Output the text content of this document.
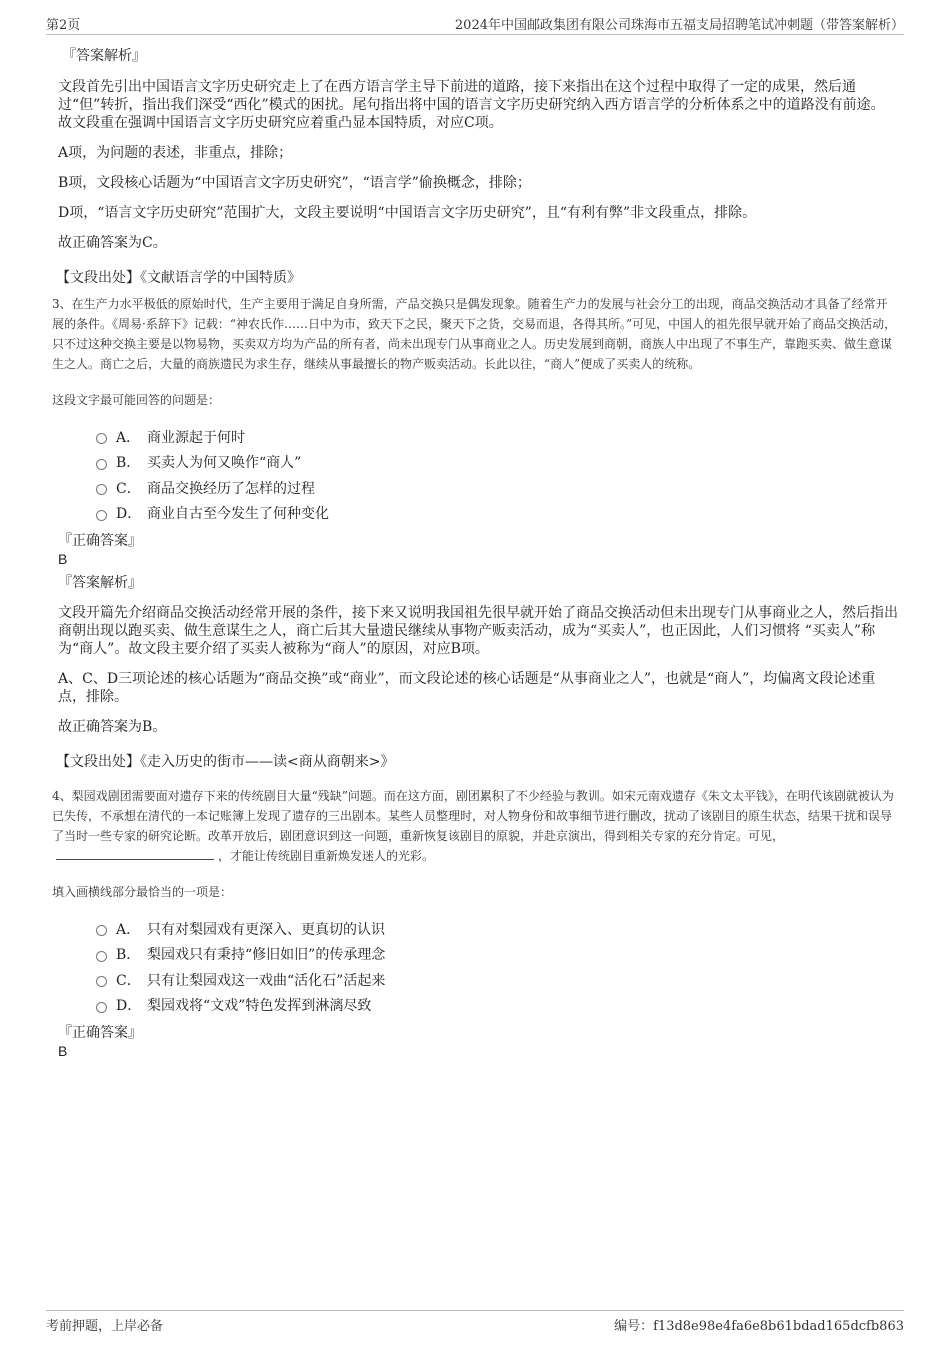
第2页	2024年中国邮政集团有限公司珠海市五福支局招聘笔试冲刺题（带答案解析）
『答案解析』

文段首先引出中国语言文字历史研究走上了在西方语言学主导下前进的道路，接下来指出在这个过程中取得了一定的成果，然后通过“但”转折，指出我们深受“西化”模式的困扰。尾句指出将中国的语言文字历史研究纳入西方语言学的分析体系之中的道路没有前途。故文段重在强调中国语言文字历史研究应着重凸显本国特质，对应C项。

A项，为问题的表述，非重点，排除；

B项，文段核心话题为“中国语言文字历史研究”，“语言学”偷换概念，排除；

D项，“语言文字历史研究”范围扩大，文段主要说明“中国语言文字历史研究”，且“有利有弊”非文段重点，排除。

故正确答案为C。

【文段出处】《文献语言学的中国特质》

3、在生产力水平极低的原始时代，生产主要用于满足自身所需，产品交换只是偶发现象。随着生产力的发展与社会分工的出现，商品交换活动才具备了经常开展的条件。《周易·系辞下》记载：“神农氏作……日中为市，致天下之民，聚天下之货，交易而退，各得其所。”可见，中国人的祖先很早就开始了商品交换活动，只不过这种交换主要是以物易物，买卖双方均为产品的所有者，尚未出现专门从事商业之人。历史发展到商朝，商族人中出现了不事生产，靠跑买卖、做生意谋生之人。商亡之后，大量的商族遗民为求生存，继续从事最擅长的物产贩卖活动。长此以往，“商人”便成了买卖人的统称。

这段文字最可能回答的问题是：

A． 商业源起于何时
B． 买卖人为何又唤作“商人”
C． 商品交换经历了怎样的过程
D． 商业自古至今发生了何种变化
『正确答案』
B
『答案解析』

文段开篇先介绍商品交换活动经常开展的条件，接下来又说明我国祖先很早就开始了商品交换活动但未出现专门从事商业之人，然后指出商朝出现以跑买卖、做生意谋生之人，商亡后其大量遗民继续从事物产贩卖活动，成为“买卖人”，也正因此，人们习惯将 “买卖人”称为“商人”。故文段主要介绍了买卖人被称为“商人”的原因，对应B项。

A、C、D三项论述的核心话题为“商品交换”或“商业”，而文段论述的核心话题是“从事商业之人”，也就是“商人”，均偏离文段论述重点，排除。

故正确答案为B。

【文段出处】《走入历史的街市——读<商从商朝来>》

4、梨园戏剧团需要面对遗存下来的传统剧目大量“残缺”问题。而在这方面，剧团累积了不少经验与教训。如宋元南戏遗存《朱文太平钱》，在明代该剧就被认为已失传，不承想在清代的一本记账簿上发现了遗存的三出剧本。某些人员整理时，对人物身份和故事细节进行删改，扰动了该剧目的原生状态，结果干扰和误导了当时一些专家的研究论断。改革开放后，剧团意识到这一问题，重新恢复该剧目的原貌，并赴京演出，得到相关专家的充分肯定。可见，，才能让传统剧目重新焕发迷人的光彩。

填入画横线部分最恰当的一项是：

A． 只有对梨园戏有更深入、更真切的认识
B． 梨园戏只有秉持“修旧如旧”的传承理念
C． 只有让梨园戏这一戏曲“活化石”活起来
D． 梨园戏将“文戏”特色发挥到淋漓尽致
『正确答案』
B
考前押题，上岸必备	编号：f13d8e98e4fa6e8b61bdad165dcfb863
